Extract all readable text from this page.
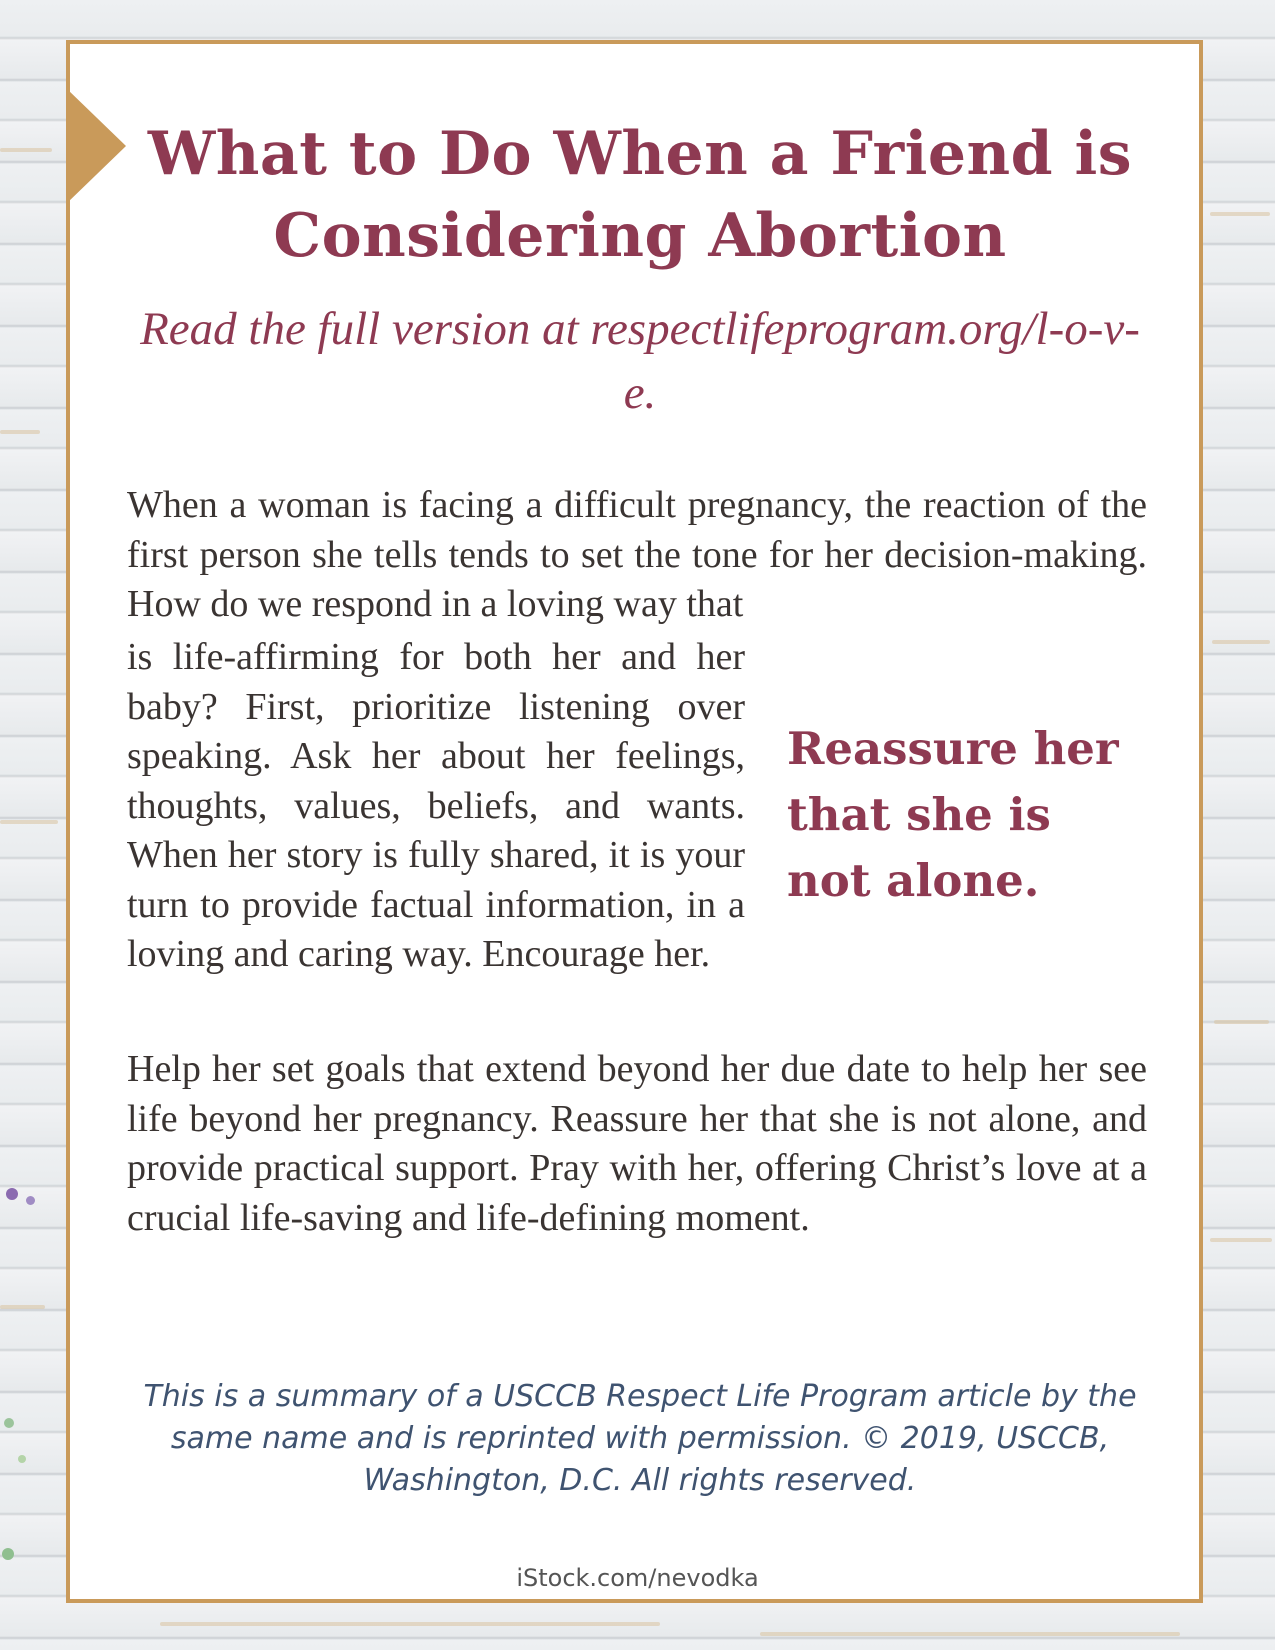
What to Do When a Friend is Considering Abortion

Read the full version at respectlifeprogram.org/l-o-v-e.

When a woman is facing a difficult pregnancy, the reaction of the first person she tells tends to set the tone for her decision-making. How do we respond in a loving way that

is life-affirming for both her and her baby? First, prioritize listening over speaking. Ask her about her feelings, thoughts, values, beliefs, and wants. When her story is fully shared, it is your turn to provide factual information, in a loving and caring way. Encourage her.

Reassure her that she is not alone.

Help her set goals that extend beyond her due date to help her see life beyond her pregnancy. Reassure her that she is not alone, and provide practical support. Pray with her, offering Christ’s love at a crucial life-saving and life-defining moment.

This is a summary of a USCCB Respect Life Program article by the same name and is reprinted with permission. © 2019, USCCB, Washington, D.C. All rights reserved.

iStock.com/nevodka
